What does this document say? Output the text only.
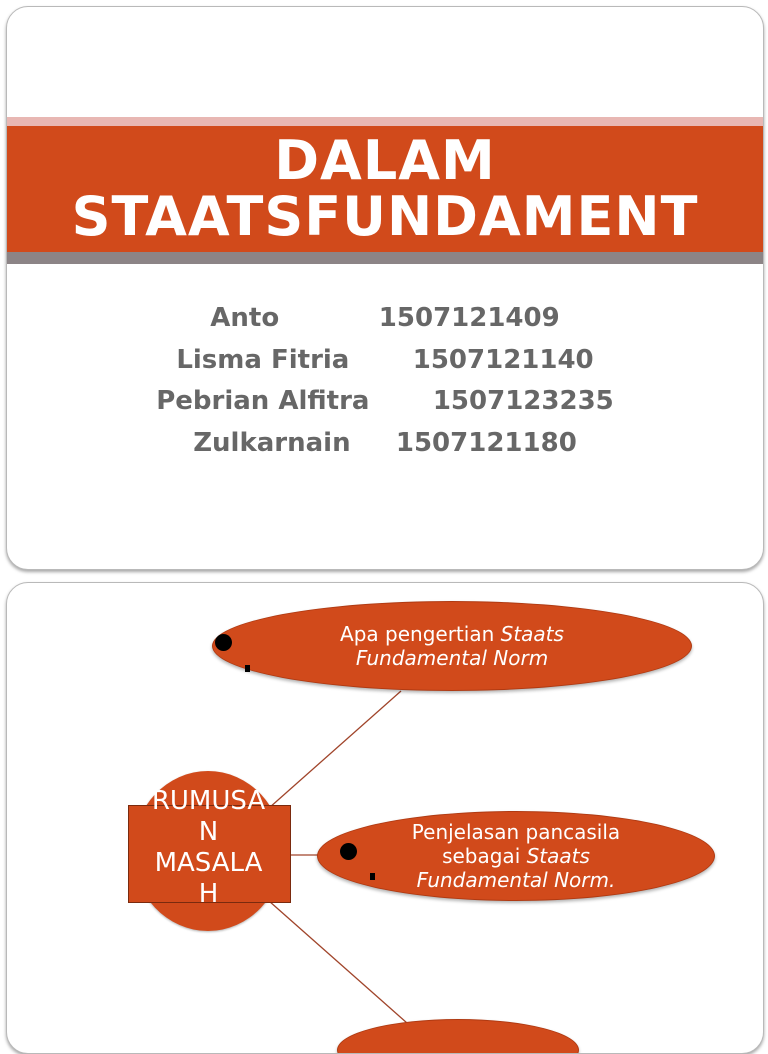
DALAM
STAATSFUNDAMENT
Anto	1507121409
Lisma Fitria 1507121140
Pebrian Alfitra 1507123235
Zulkarnain 1507121180
RUMUSA
N
MASALA
H
Apa pengertian Staats
Fundamental Norm
Penjelasan pancasila
sebagai Staats
Fundamental Norm.
